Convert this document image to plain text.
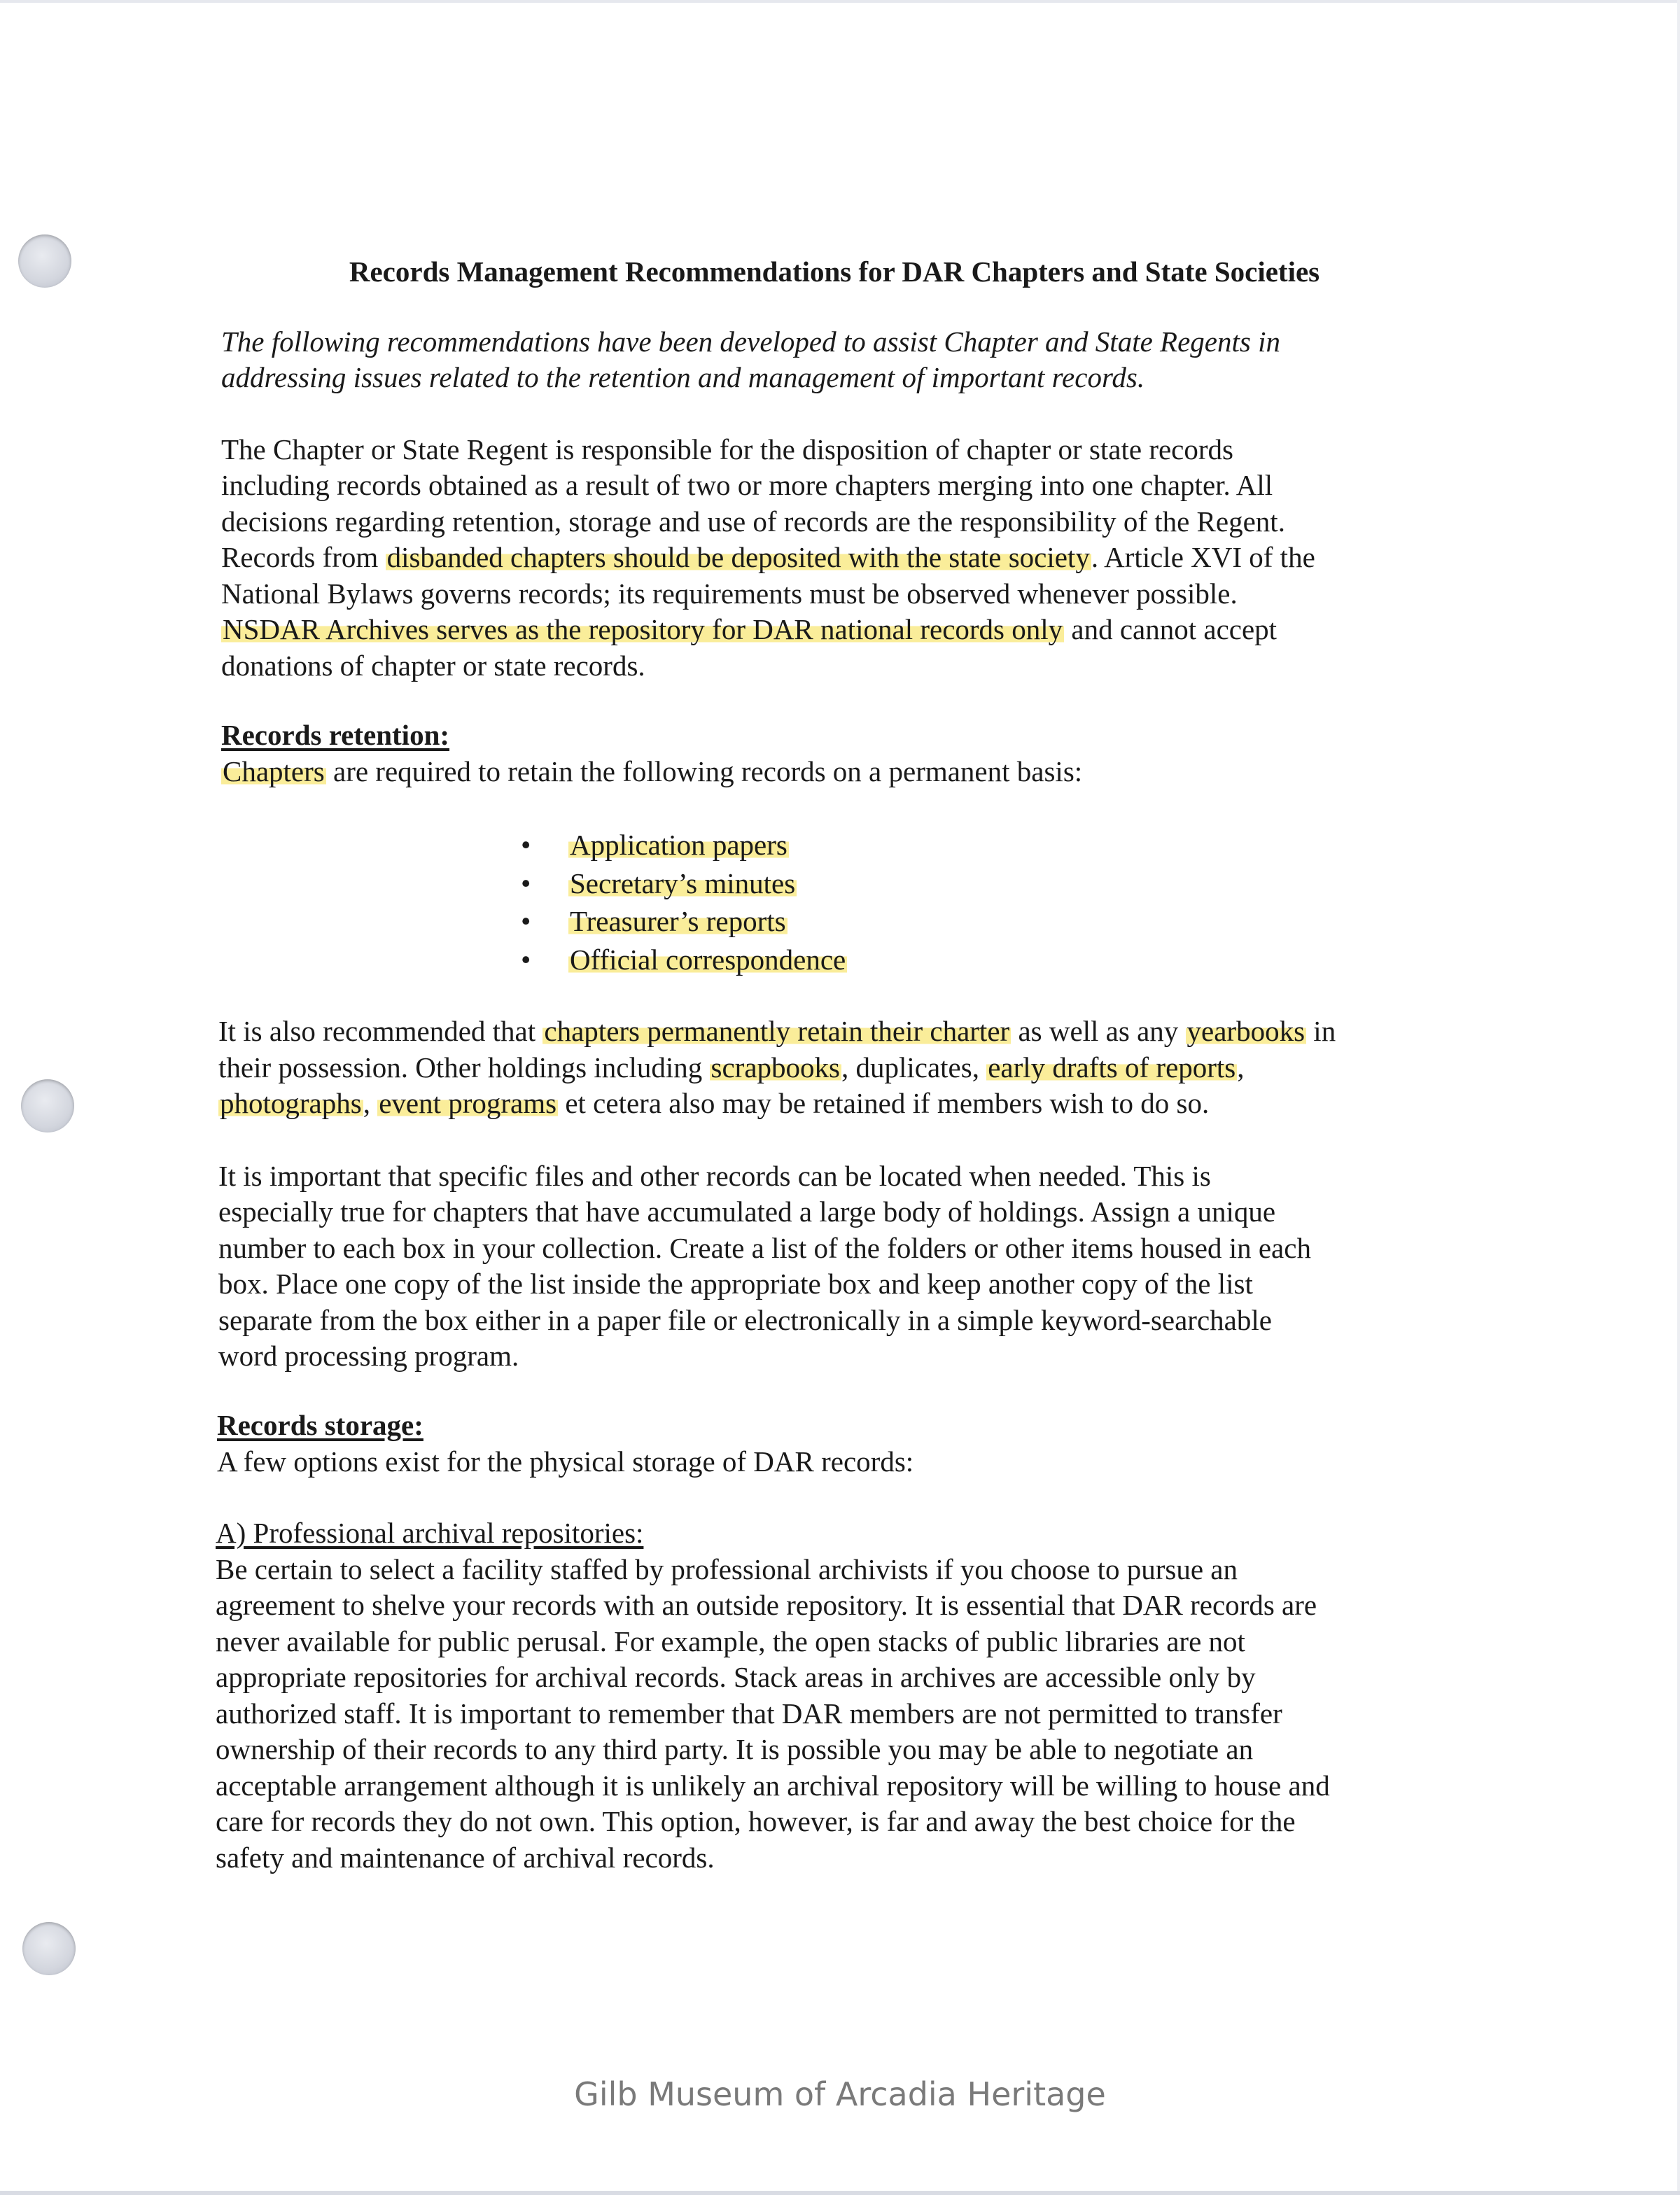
Records Management Recommendations for DAR Chapters and State Societies
The following recommendations have been developed to assist Chapter and State Regents in
addressing issues related to the retention and management of important records.
The Chapter or State Regent is responsible for the disposition of chapter or state records
including records obtained as a result of two or more chapters merging into one chapter. All
decisions regarding retention, storage and use of records are the responsibility of the Regent.
Records from disbanded chapters should be deposited with the state society. Article XVI of the
National Bylaws governs records; its requirements must be observed whenever possible.
NSDAR Archives serves as the repository for DAR national records only and cannot accept
donations of chapter or state records.
Records retention:
Chapters are required to retain the following records on a permanent basis:
• Application papers
• Secretary’s minutes
• Treasurer’s reports
• Official correspondence
It is also recommended that chapters permanently retain their charter as well as any yearbooks in
their possession. Other holdings including scrapbooks, duplicates, early drafts of reports,
photographs, event programs et cetera also may be retained if members wish to do so.
It is important that specific files and other records can be located when needed. This is
especially true for chapters that have accumulated a large body of holdings. Assign a unique
number to each box in your collection. Create a list of the folders or other items housed in each
box. Place one copy of the list inside the appropriate box and keep another copy of the list
separate from the box either in a paper file or electronically in a simple keyword-searchable
word processing program.
Records storage:
A few options exist for the physical storage of DAR records:
A) Professional archival repositories:
Be certain to select a facility staffed by professional archivists if you choose to pursue an
agreement to shelve your records with an outside repository. It is essential that DAR records are
never available for public perusal. For example, the open stacks of public libraries are not
appropriate repositories for archival records. Stack areas in archives are accessible only by
authorized staff. It is important to remember that DAR members are not permitted to transfer
ownership of their records to any third party. It is possible you may be able to negotiate an
acceptable arrangement although it is unlikely an archival repository will be willing to house and
care for records they do not own. This option, however, is far and away the best choice for the
safety and maintenance of archival records.
Gilb Museum of Arcadia Heritage
